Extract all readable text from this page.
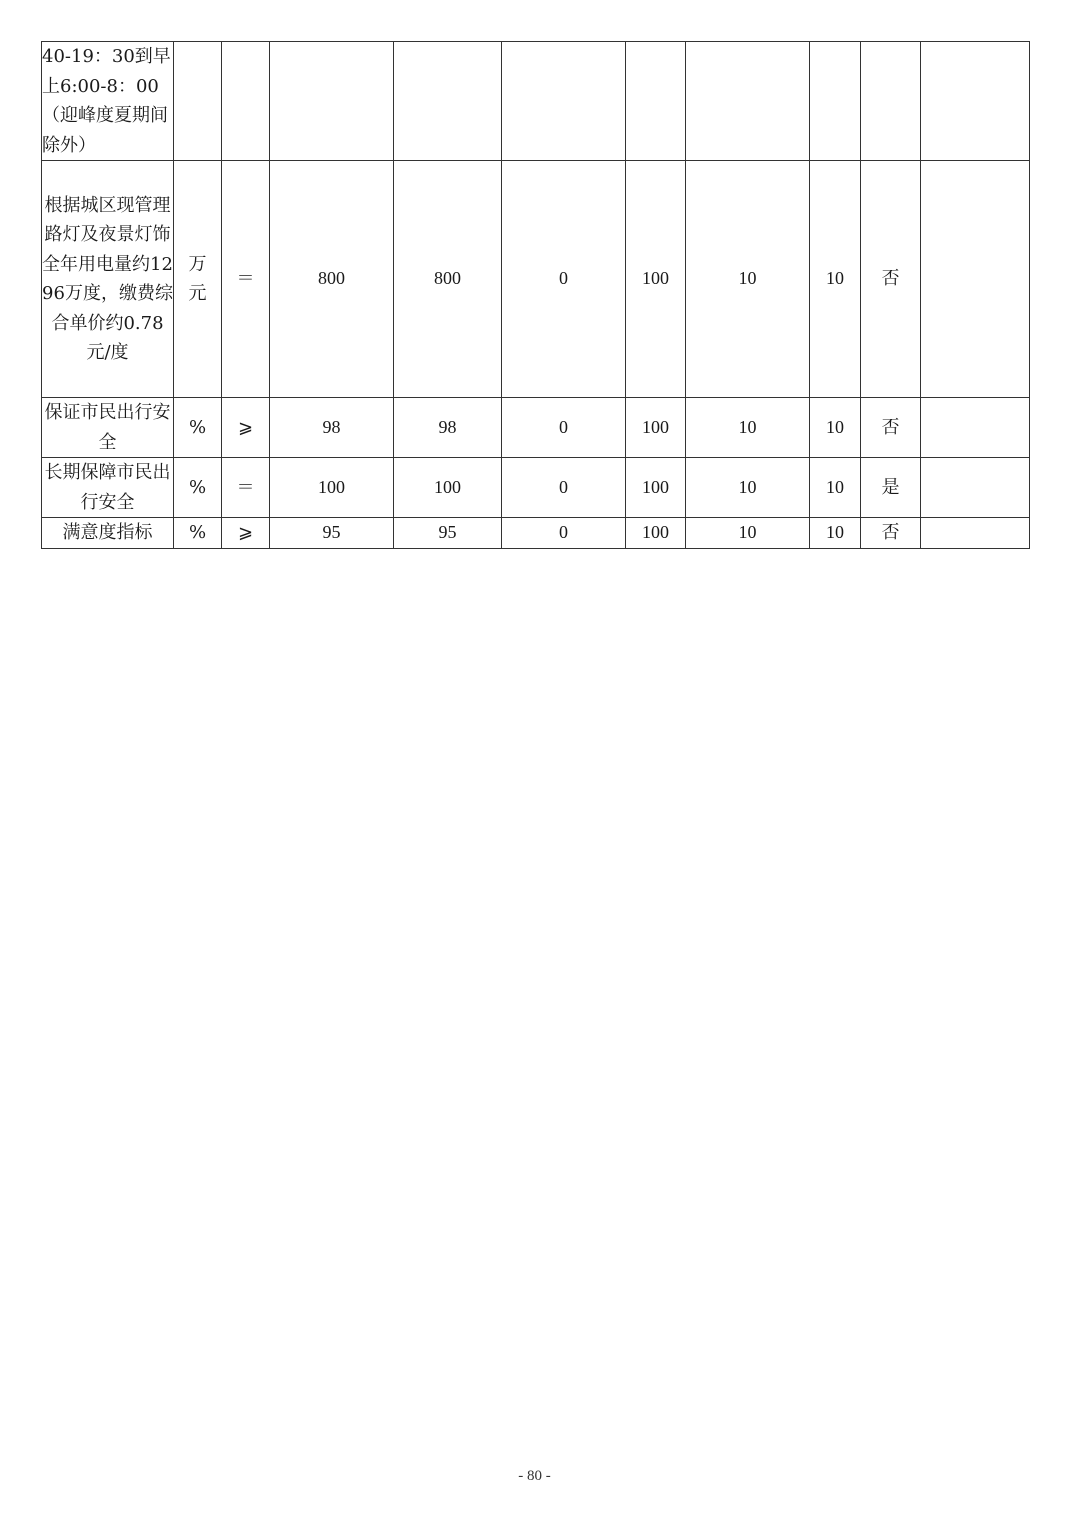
40-19：30到早上6:00-8：00（迎峰度夏期间除外）										

根据城区现管理路灯及夜景灯饰全年用电量约1296万度，缴费综合单价约0.78元/度	万元	＝	800	800	0	100	10	10	否	

保证市民出行安全	%	⩾	98	98	0	100	10	10	否	

长期保障市民出行安全	%	＝	100	100	0	100	10	10	是	

满意度指标	%	⩾	95	95	0	100	10	10	否	
- 80 -
